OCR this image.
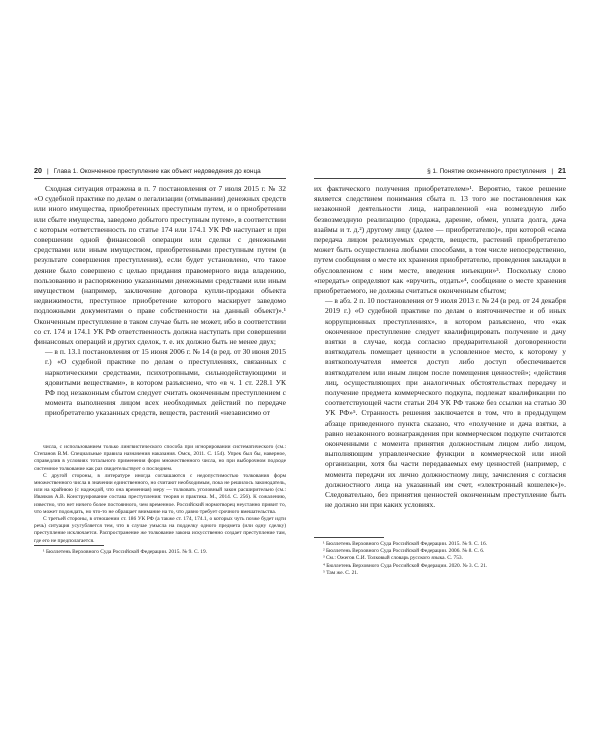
20 | Глава 1. Оконченное преступление как объект недоведения до конца

Сходная ситуация отражена в п. 7 постановления от 7 июля 2015 г. № 32 «О судебной практике по делам о легализации (отмывании) денежных средств или иного имущества, приобретенных преступным путем, и о приобретении или сбыте имущества, заведомо добытого преступным путем», в соответствии с которым «ответственность по статье 174 или 174.1 УК РФ наступает и при совершении одной финансовой операции или сделки с денежными средствами или иным имуществом, приобретенными преступным путем (в результате совершения преступления), если будет установлено, что такое деяние было совершено с целью придания правомерного вида владению, пользованию и распоряжению указанными денежными средствами или иным имуществом (например, заключение договора купли-продажи объекта недвижимости, преступное приобретение которого маскирует заведомо подложными документами о праве собственности на данный объект)».¹ Оконченным преступление в таком случае быть не может, ибо в соответствии со ст. 174 и 174.1 УК РФ ответственность должна наступать при совершении финансовых операций и других сделок, т. е. их должно быть не менее двух;

— в п. 13.1 постановления от 15 июня 2006 г. № 14 (в ред. от 30 июня 2015 г.) «О судебной практике по делам о преступлениях, связанных с наркотическими средствами, психотропными, сильнодействующими и ядовитыми веществами», в котором разъяснено, что «в ч. 1 ст. 228.1 УК РФ под незаконным сбытом следует считать оконченным преступлением с момента выполнения лицом всех необходимых действий по передаче приобретателю указанных средств, веществ, растений «независимо от

числа, с использованием только лингвистического способа при игнорировании систематического (см.: Степанов В.М. Специальные правила назначения наказания. Омск, 2011. С. 154). Упрек был бы, наверное, справедлив в условиях тотального применения форм множественного числа, но при выборочном подходе системное толкование как раз свидетельствует о последнем.

С другой стороны, в литературе иногда соглашаются с недопустимостью толкования форм множественного числа в значении единственного, но считают необходимым, пока не решилось законодатель, или на крайнюю (с надеждой, что она временная) меру — толковать уголовный закон расширительно (см.: Ивачков А.В. Конструирование состава преступления: теория и практика. М., 2014. С. 256). К сожалению, известно, что нет ничего более постоянного, чем временное. Российский нормотворец неустанно привит то, что может подождать, но что-то не обращает внимание на то, что давно требует срочного вмешательства.

С третьей стороны, в отношении ст. 186 УК РФ (а также ст. 174, 174.1, о которых чуть позже будет идти речь) ситуация усугубляется тем, что в случае умысла на подделку одного предмета (или одну сделку) преступление исключается. Распространение же толкование закона искусственно создает преступление там, где его не предполагается.

¹ Бюллетень Верховного Суда Российской Федерации. 2015. № 9. С. 19.

§ 1. Понятие оконченного преступления | 21

их фактического получения приобретателем»¹. Вероятно, такое решение является следствием понимания сбыта п. 13 того же постановления как незаконной деятельности лица, направленной «на возмездную либо безвозмездную реализацию (продажа, дарение, обмен, уплата долга, дача взаймы и т. д.²) другому лицу (далее — приобретателю)», при которой «сама передача лицом реализуемых средств, веществ, растений приобретателю может быть осуществлена любыми способами, в том числе непосредственно, путем сообщения о месте их хранения приобретателю, проведения закладки в обусловленном с ним месте, введения инъекции»³. Поскольку слово «передать» определяют как «вручить, отдать»⁴, сообщение о месте хранения приобретаемого, не должны считаться оконченным сбытом;

— в абз. 2 п. 10 постановления от 9 июля 2013 г. № 24 (в ред. от 24 декабря 2019 г.) «О судебной практике по делам о взяточничестве и об иных коррупционных преступлениях», в котором разъяснено, что «как оконченное преступление следует квалифицировать получение и дачу взятки в случае, когда согласно предварительной договоренности взяткодатель помещает ценности в условленное место, к которому у взяткополучателя имеется доступ либо доступ обеспечивается взяткодателем или иным лицом после помещения ценностей»; «действия лиц, осуществляющих при аналогичных обстоятельствах передачу и получение предмета коммерческого подкупа, подлежат квалификации по соответствующей части статьи 204 УК РФ также без ссылки на статью 30 УК РФ»⁵. Странность решения заключается в том, что в предыдущем абзаце приведенного пункта сказано, что «получение и дача взятки, а равно незаконного вознаграждения при коммерческом подкупе считаются оконченными с момента принятия должностным лицом либо лицом, выполняющим управленческие функции в коммерческой или иной организации, хотя бы части передаваемых ему ценностей (например, с момента передачи их лично должностному лицу, зачисления с согласия должностного лица на указанный им счет, «электронный кошелек»)». Следовательно, без принятия ценностей оконченным преступление быть не должно ни при каких условиях.

¹ Бюллетень Верховного Суда Российской Федерации. 2015. № 9. С. 16.

² Бюллетень Верховного Суда Российской Федерации. 2006. № 8. С. 6.

³ См.: Ожегов С.И. Толковый словарь русского языка. С. 753.

⁴ Бюллетень Верховного Суда Российской Федерации. 2020. № 3. С. 21.

⁵ Там же. С. 21.
